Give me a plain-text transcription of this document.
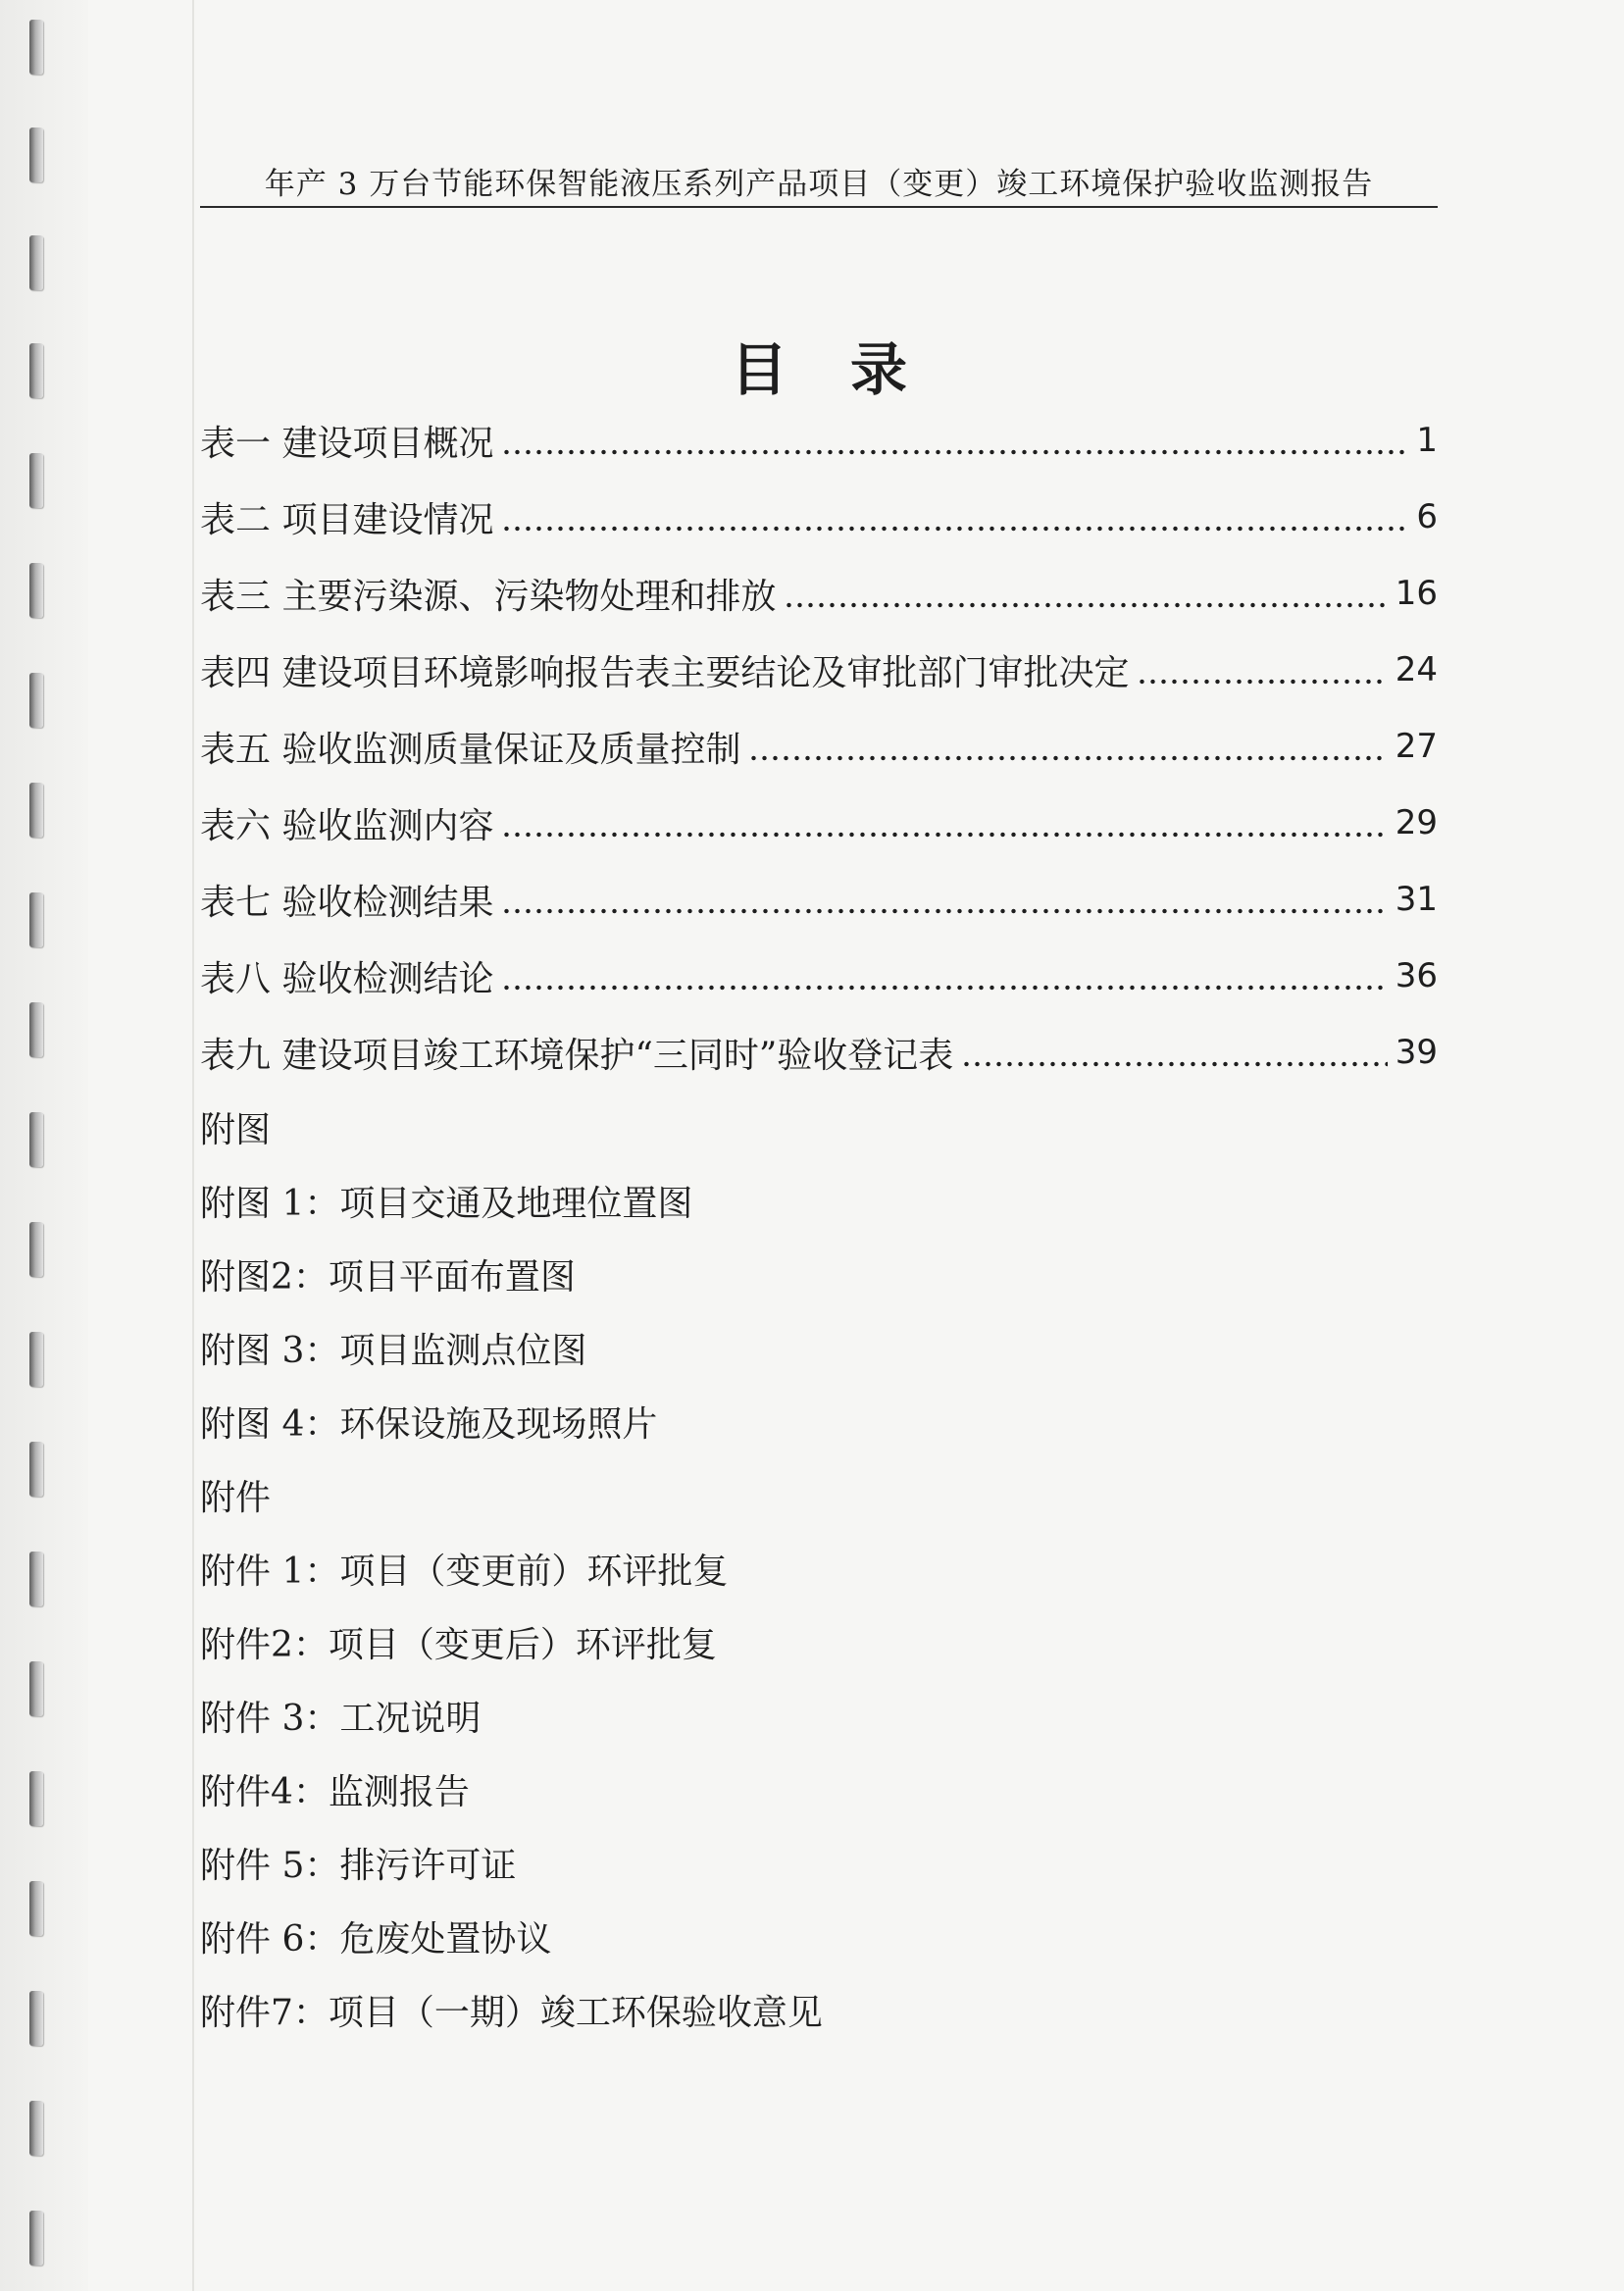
年产 3 万台节能环保智能液压系列产品项目（变更）竣工环境保护验收监测报告
目录
表一 建设项目概况	1
表二 项目建设情况	6
表三 主要污染源、污染物处理和排放	16
表四 建设项目环境影响报告表主要结论及审批部门审批决定	24
表五 验收监测质量保证及质量控制	27
表六 验收监测内容	29
表七 验收检测结果	31
表八 验收检测结论	36
表九 建设项目竣工环境保护“三同时”验收登记表	39
附图
附图 1：项目交通及地理位置图
附图2：项目平面布置图
附图 3：项目监测点位图
附图 4：环保设施及现场照片
附件
附件 1：项目（变更前）环评批复
附件2：项目（变更后）环评批复
附件 3：工况说明
附件4：监测报告
附件 5：排污许可证
附件 6：危废处置协议
附件7：项目（一期）竣工环保验收意见
